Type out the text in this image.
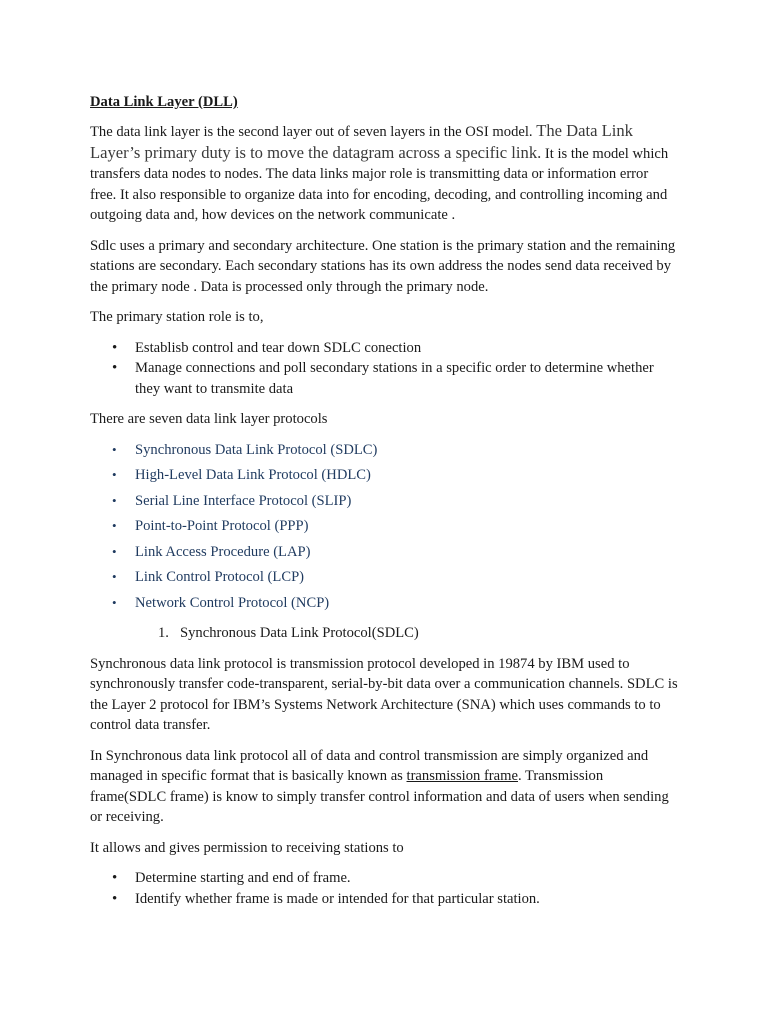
Data Link Layer (DLL)

The data link layer is the second layer out of seven layers in the OSI model. The Data Link Layer’s primary duty is to move the datagram across a specific link. It is the model which transfers data nodes to nodes. The data links major role is transmitting data or information error free. It also responsible to organize data into for encoding, decoding, and controlling incoming and outgoing data and, how devices on the network communicate .

Sdlc uses a primary and secondary architecture. One station is the primary station and the remaining stations are secondary. Each secondary stations has its own address the nodes send data received by the primary node . Data is processed only through the primary node.

The primary station role is to,

• Establisb control and tear down SDLC conection
• Manage connections and poll secondary stations in a specific order to determine whether they want to transmite data

There are seven data link layer protocols

• Synchronous Data Link Protocol (SDLC)
• High-Level Data Link Protocol (HDLC)
• Serial Line Interface Protocol (SLIP)
• Point-to-Point Protocol (PPP)
• Link Access Procedure (LAP)
• Link Control Protocol (LCP)
• Network Control Protocol (NCP)
1. Synchronous Data Link Protocol(SDLC)

Synchronous data link protocol is transmission protocol developed in 19874 by IBM used to synchronously transfer code-transparent, serial-by-bit data over a communication channels. SDLC is the Layer 2 protocol for IBM’s Systems Network Architecture (SNA) which uses commands to to control data transfer.

In Synchronous data link protocol all of data and control transmission are simply organized and managed in specific format that is basically known as transmission frame. Transmission frame(SDLC frame) is know to simply transfer control information and data of users when sending or receiving.

It allows and gives permission to receiving stations to

• Determine starting and end of frame.
• Identify whether frame is made or intended for that particular station.
